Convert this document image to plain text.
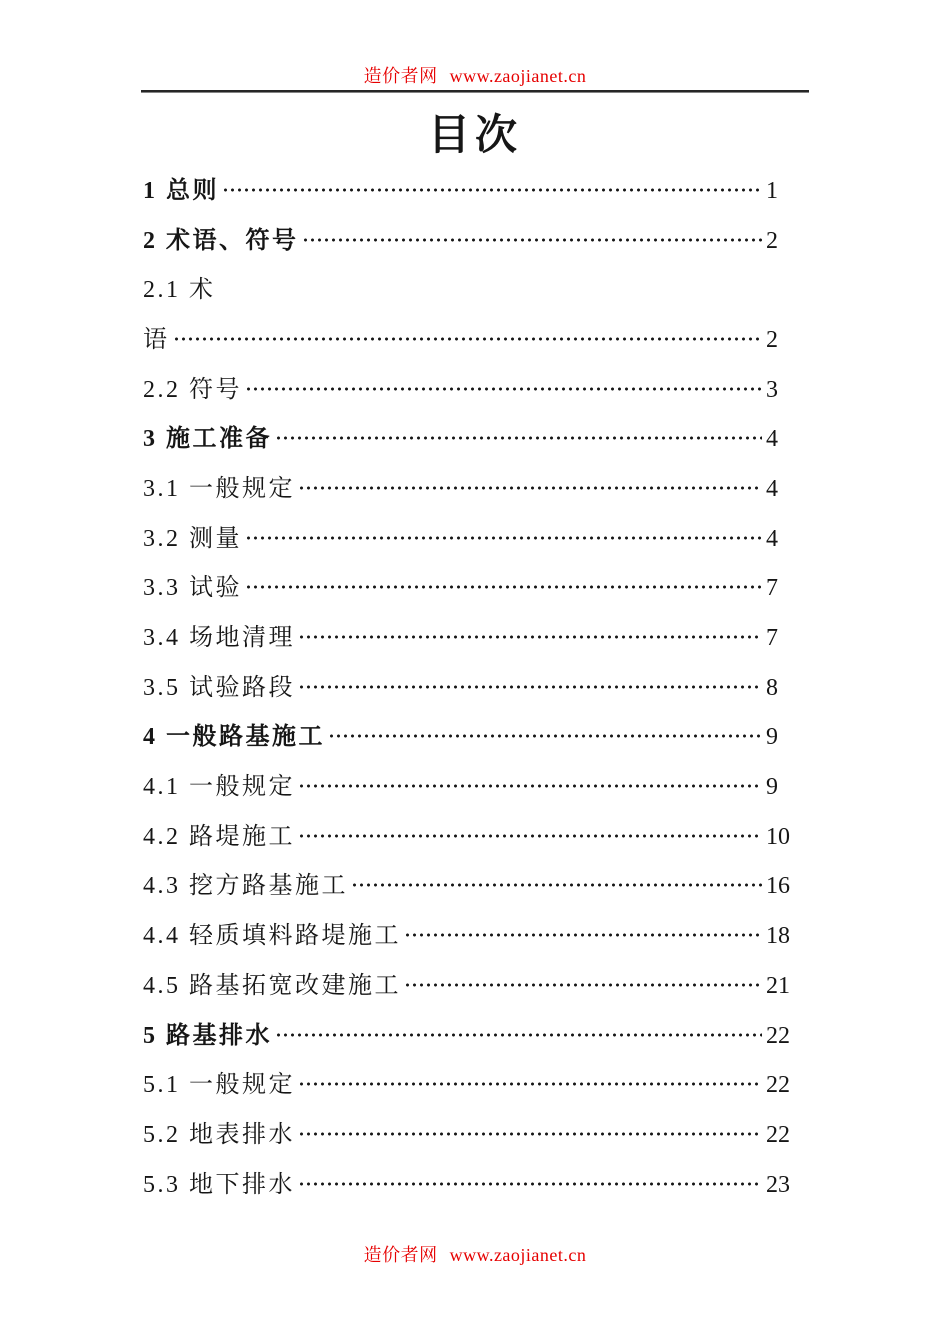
造价者网 www.zaojianet.cn
目次
1 总则	1
2 术语、符号	2
2.1 术
语	2
2.2 符号	3
3 施工准备	4
3.1 一般规定	4
3.2 测量	4
3.3 试验	7
3.4 场地清理	7
3.5 试验路段	8
4 一般路基施工	9
4.1 一般规定	9
4.2 路堤施工	10
4.3 挖方路基施工	16
4.4 轻质填料路堤施工	18
4.5 路基拓宽改建施工	21
5 路基排水	22
5.1 一般规定	22
5.2 地表排水	22
5.3 地下排水	23
造价者网 www.zaojianet.cn
